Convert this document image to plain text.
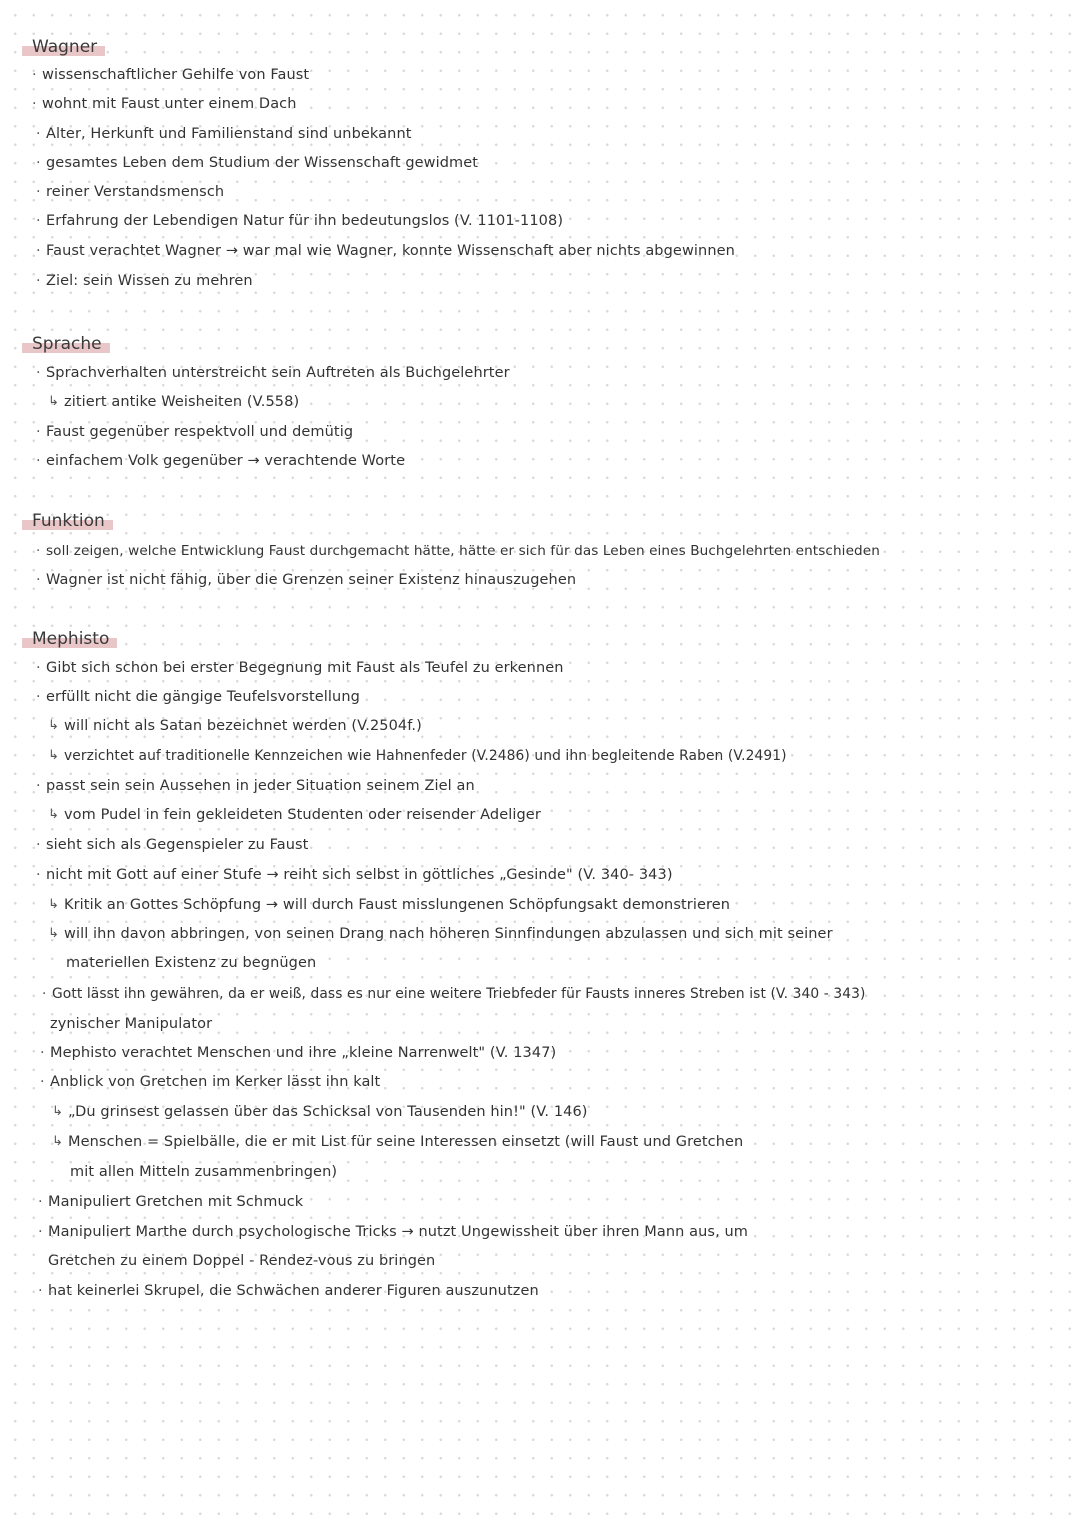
Wagner
· wissenschaftlicher Gehilfe von Faust
· wohnt mit Faust unter einem Dach
· Alter, Herkunft und Familienstand sind unbekannt
· gesamtes Leben dem Studium der Wissenschaft gewidmet
· reiner Verstandsmensch
· Erfahrung der Lebendigen Natur für ihn bedeutungslos (V. 1101-1108)
· Faust verachtet Wagner → war mal wie Wagner, konnte Wissenschaft aber nichts abgewinnen
· Ziel: sein Wissen zu mehren
Sprache
· Sprachverhalten unterstreicht sein Auftreten als Buchgelehrter
↳ zitiert antike Weisheiten (V.558)
· Faust gegenüber respektvoll und demütig
· einfachem Volk gegenüber → verachtende Worte
Funktion
· soll zeigen, welche Entwicklung Faust durchgemacht hätte, hätte er sich für das Leben eines Buchgelehrten entschieden
· Wagner ist nicht fähig, über die Grenzen seiner Existenz hinauszugehen
Mephisto
· Gibt sich schon bei erster Begegnung mit Faust als Teufel zu erkennen
· erfüllt nicht die gängige Teufelsvorstellung
↳ will nicht als Satan bezeichnet werden (V.2504f.)
↳ verzichtet auf traditionelle Kennzeichen wie Hahnenfeder (V.2486) und ihn begleitende Raben (V.2491)
· passt sein sein Aussehen in jeder Situation seinem Ziel an
↳ vom Pudel in fein gekleideten Studenten oder reisender Adeliger
· sieht sich als Gegenspieler zu Faust
· nicht mit Gott auf einer Stufe → reiht sich selbst in göttliches „Gesinde" (V. 340- 343)
↳ Kritik an Gottes Schöpfung → will durch Faust misslungenen Schöpfungsakt demonstrieren
↳ will ihn davon abbringen, von seinen Drang nach höheren Sinnfindungen abzulassen und sich mit seiner
materiellen Existenz zu begnügen
· Gott lässt ihn gewähren, da er weiß, dass es nur eine weitere Triebfeder für Fausts inneres Streben ist (V. 340 - 343)
zynischer Manipulator
· Mephisto verachtet Menschen und ihre „kleine Narrenwelt" (V. 1347)
· Anblick von Gretchen im Kerker lässt ihn kalt
↳ „Du grinsest gelassen über das Schicksal von Tausenden hin!" (V. 146)
↳ Menschen = Spielbälle, die er mit List für seine Interessen einsetzt (will Faust und Gretchen
mit allen Mitteln zusammenbringen)
· Manipuliert Gretchen mit Schmuck
· Manipuliert Marthe durch psychologische Tricks → nutzt Ungewissheit über ihren Mann aus, um
Gretchen zu einem Doppel - Rendez-vous zu bringen
· hat keinerlei Skrupel, die Schwächen anderer Figuren auszunutzen
